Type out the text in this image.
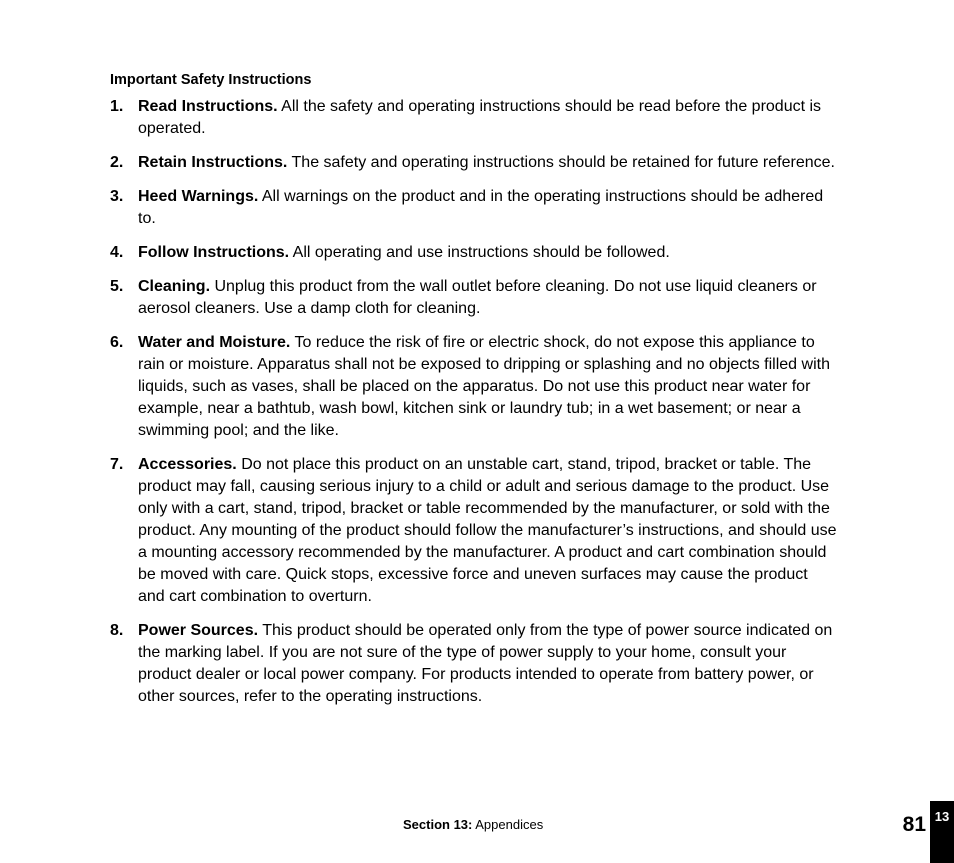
Important Safety Instructions
1. Read Instructions. All the safety and operating instructions should be read before the product is operated.
2. Retain Instructions. The safety and operating instructions should be retained for future reference.
3. Heed Warnings. All warnings on the product and in the operating instructions should be adhered to.
4. Follow Instructions. All operating and use instructions should be followed.
5. Cleaning. Unplug this product from the wall outlet before cleaning. Do not use liquid cleaners or aerosol cleaners. Use a damp cloth for cleaning.
6. Water and Moisture. To reduce the risk of fire or electric shock, do not expose this appliance to rain or moisture. Apparatus shall not be exposed to dripping or splashing and no objects filled with liquids, such as vases, shall be placed on the apparatus. Do not use this product near water for example, near a bathtub, wash bowl, kitchen sink or laundry tub; in a wet basement; or near a swimming pool; and the like.
7. Accessories. Do not place this product on an unstable cart, stand, tripod, bracket or table. The product may fall, causing serious injury to a child or adult and serious damage to the product. Use only with a cart, stand, tripod, bracket or table recommended by the manufacturer, or sold with the product. Any mounting of the product should follow the manufacturer’s instructions, and should use a mounting accessory recommended by the manufacturer. A product and cart combination should be moved with care. Quick stops, excessive force and uneven surfaces may cause the product and cart combination to overturn.
8. Power Sources. This product should be operated only from the type of power source indicated on the marking label. If you are not sure of the type of power supply to your home, consult your product dealer or local power company. For products intended to operate from battery power, or other sources, refer to the operating instructions.
Section 13: Appendices	81 13
